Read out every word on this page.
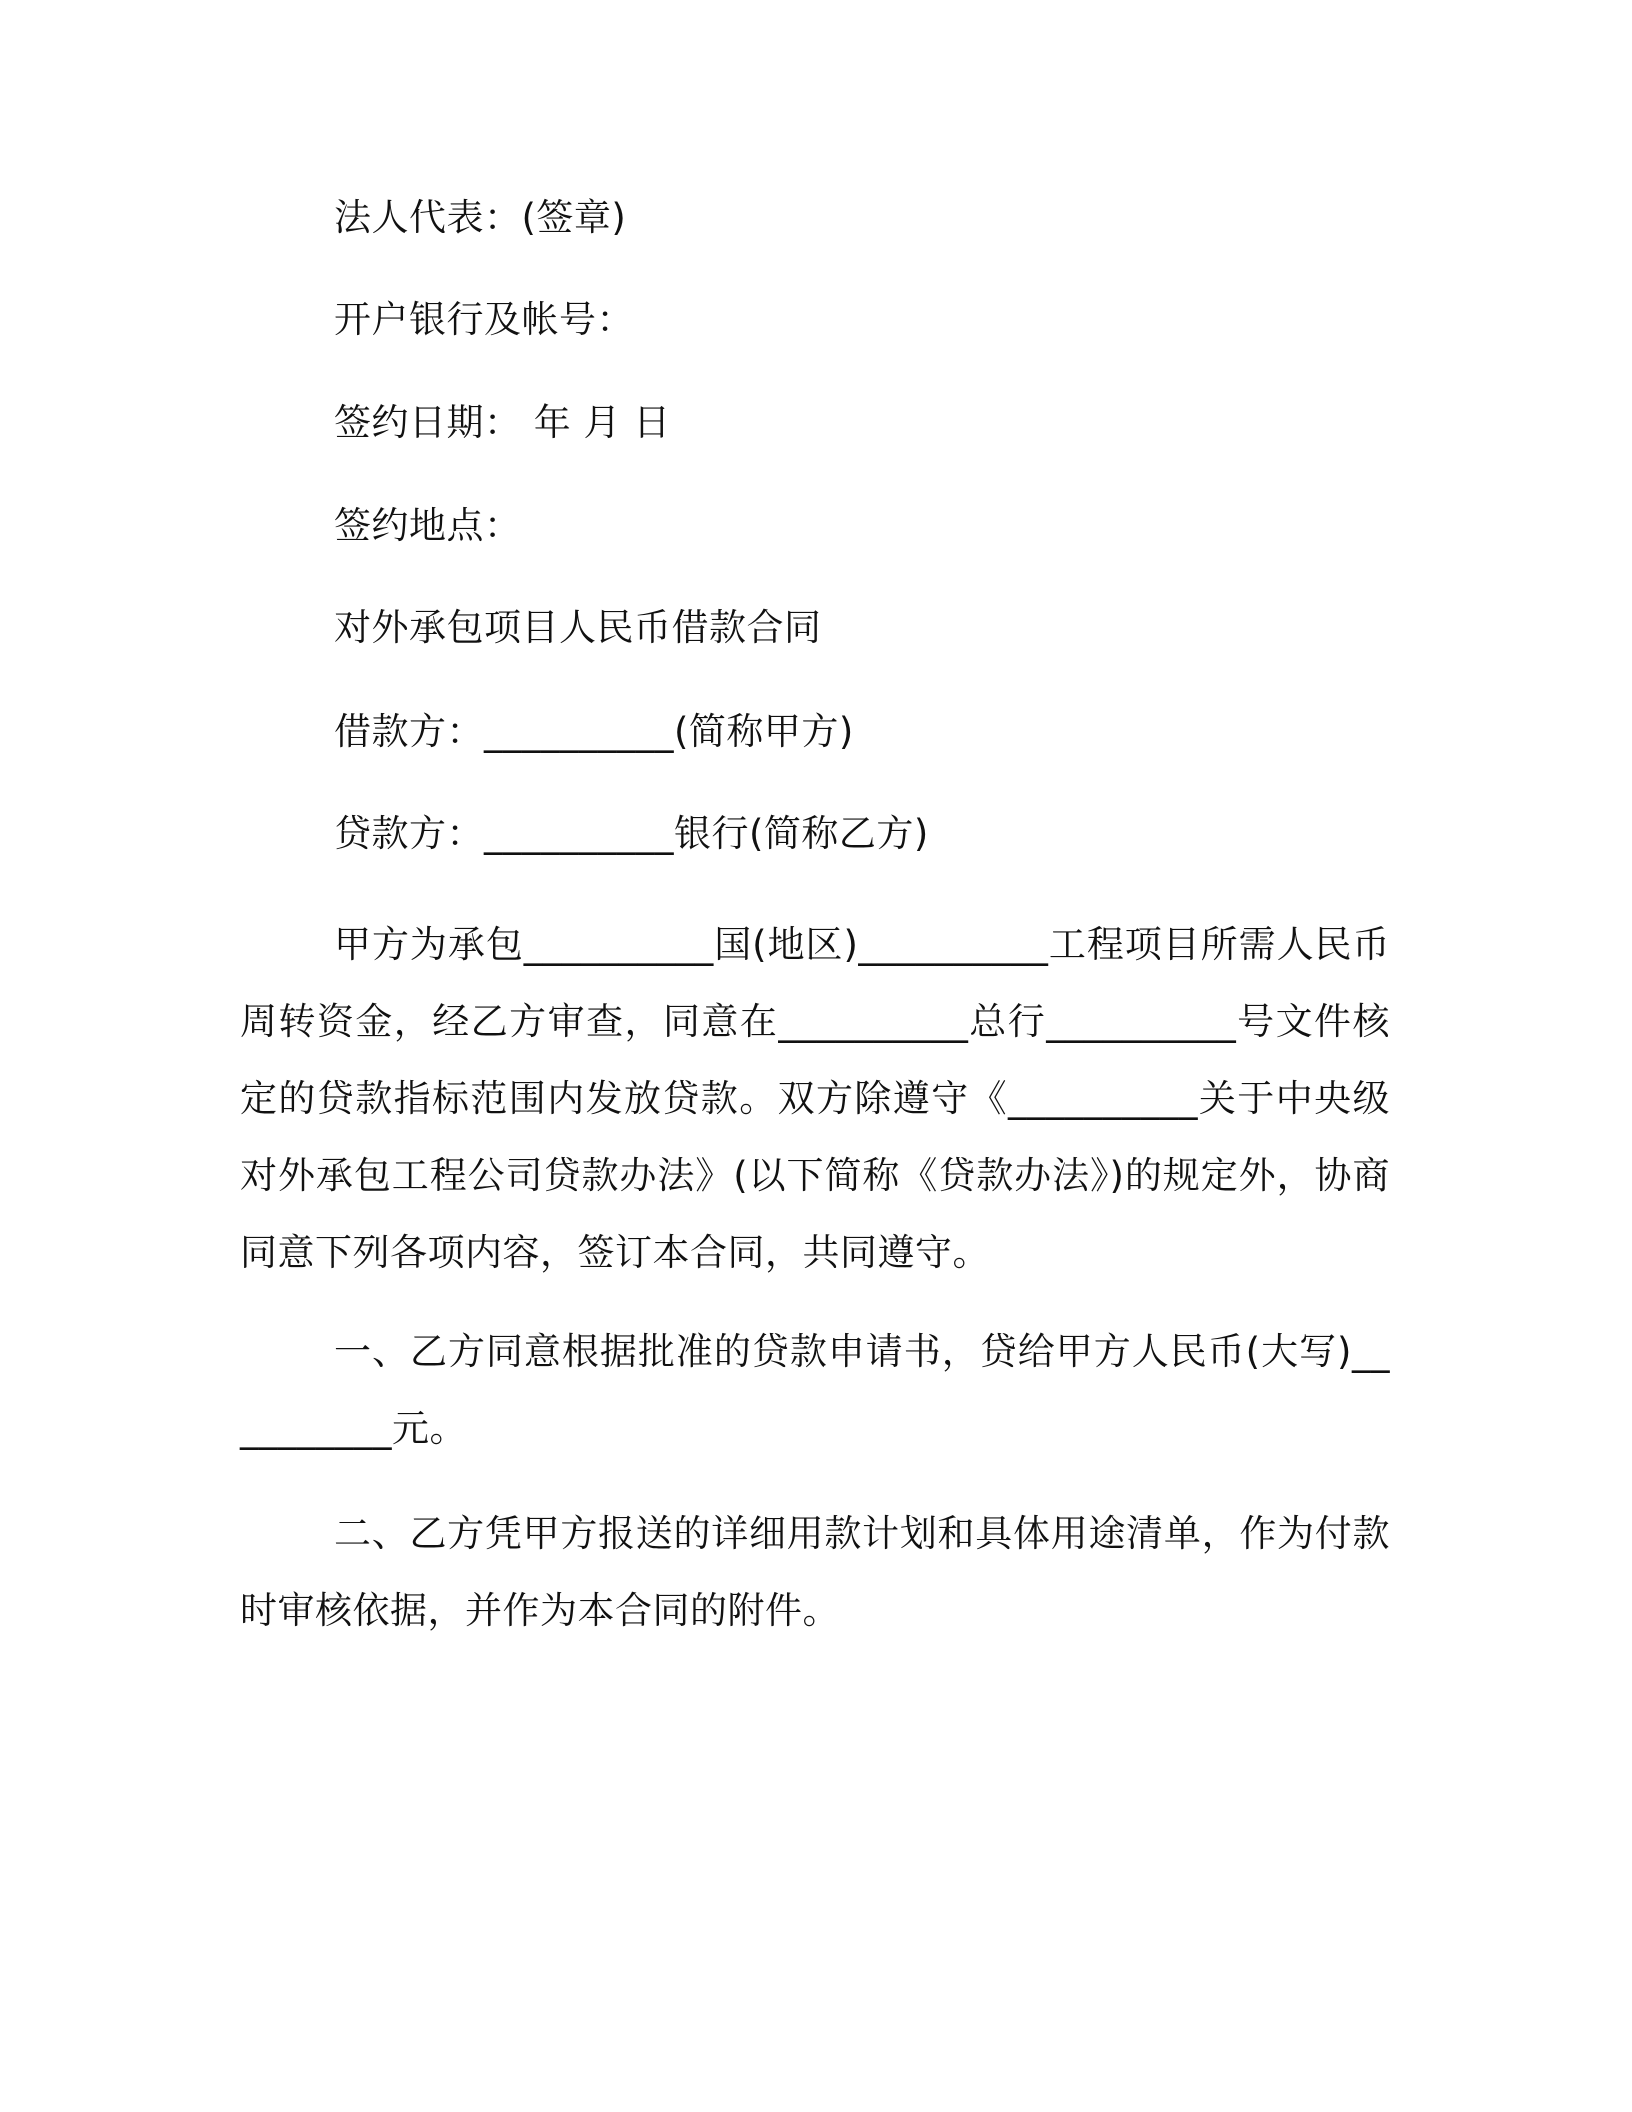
法人代表：(签章)
开户银行及帐号：
签约日期： 年 月 日
签约地点：
对外承包项目人民币借款合同
借款方：__________(简称甲方)
贷款方：__________银行(简称乙方)
甲方为承包__________国(地区)__________工程项目所需人民币周转资金，经乙方审查，同意在__________总行__________号文件核定的贷款指标范围内发放贷款。双方除遵守《__________关于中央级对外承包工程公司贷款办法》(以下简称《贷款办法》)的规定外，协商同意下列各项内容，签订本合同，共同遵守。
一、乙方同意根据批准的贷款申请书，贷给甲方人民币(大写)__________元。
二、乙方凭甲方报送的详细用款计划和具体用途清单，作为付款时审核依据，并作为本合同的附件。
